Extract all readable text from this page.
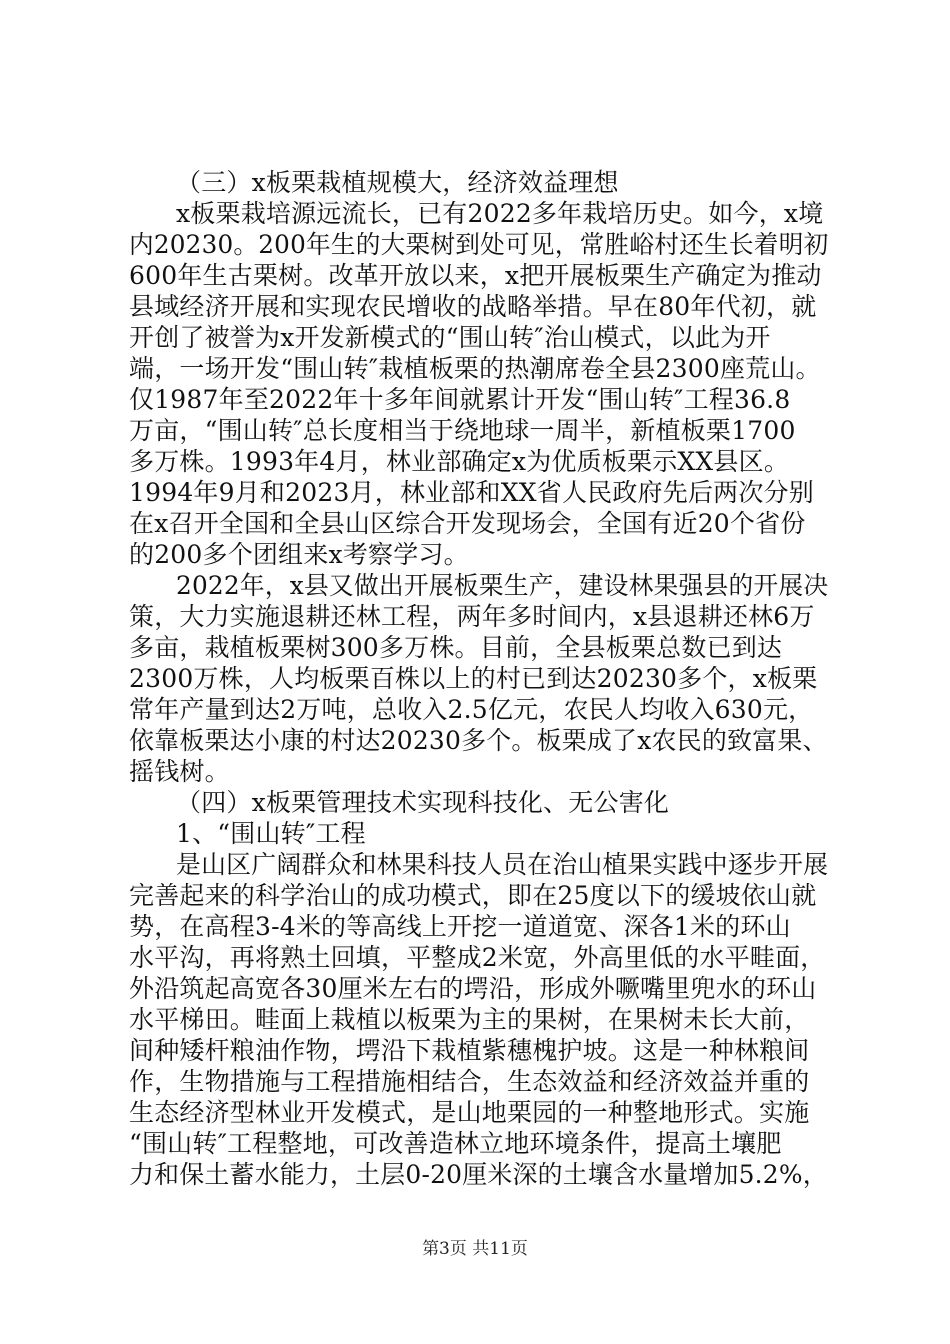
（三）x板栗栽植规模大，经济效益理想
x板栗栽培源远流长，已有2022多年栽培历史。如今，x境
内20230。200年生的大栗树到处可见，常胜峪村还生长着明初
600年生古栗树。改革开放以来，x把开展板栗生产确定为推动
县域经济开展和实现农民增收的战略举措。早在80年代初，就
开创了被誉为x开发新模式的“围山转″治山模式，以此为开
端，一场开发“围山转″栽植板栗的热潮席卷全县2300座荒山。
仅1987年至2022年十多年间就累计开发“围山转″工程36.8
万亩，“围山转″总长度相当于绕地球一周半，新植板栗1700
多万株。1993年4月，林业部确定x为优质板栗示XX县区。
1994年9月和2023月，林业部和XX省人民政府先后两次分别
在x召开全国和全县山区综合开发现场会，全国有近20个省份
的200多个团组来x考察学习。
2022年，x县又做出开展板栗生产，建设林果强县的开展决
策，大力实施退耕还林工程，两年多时间内，x县退耕还林6万
多亩，栽植板栗树300多万株。目前，全县板栗总数已到达
2300万株，人均板栗百株以上的村已到达20230多个，x板栗
常年产量到达2万吨，总收入2.5亿元，农民人均收入630元，
依靠板栗达小康的村达20230多个。板栗成了x农民的致富果、
摇钱树。
（四）x板栗管理技术实现科技化、无公害化
1、“围山转″工程
是山区广阔群众和林果科技人员在治山植果实践中逐步开展
完善起来的科学治山的成功模式，即在25度以下的缓坡依山就
势，在高程3-4米的等高线上开挖一道道宽、深各1米的环山
水平沟，再将熟土回填，平整成2米宽，外高里低的水平畦面，
外沿筑起高宽各30厘米左右的堮沿，形成外噘嘴里兜水的环山
水平梯田。畦面上栽植以板栗为主的果树，在果树未长大前，
间种矮杆粮油作物，堮沿下栽植紫穗槐护坡。这是一种林粮间
作，生物措施与工程措施相结合，生态效益和经济效益并重的
生态经济型林业开发模式，是山地栗园的一种整地形式。实施
“围山转″工程整地，可改善造林立地环境条件，提高土壤肥
力和保土蓄水能力，土层0-20厘米深的土壤含水量增加5.2%，
第3页 共11页
